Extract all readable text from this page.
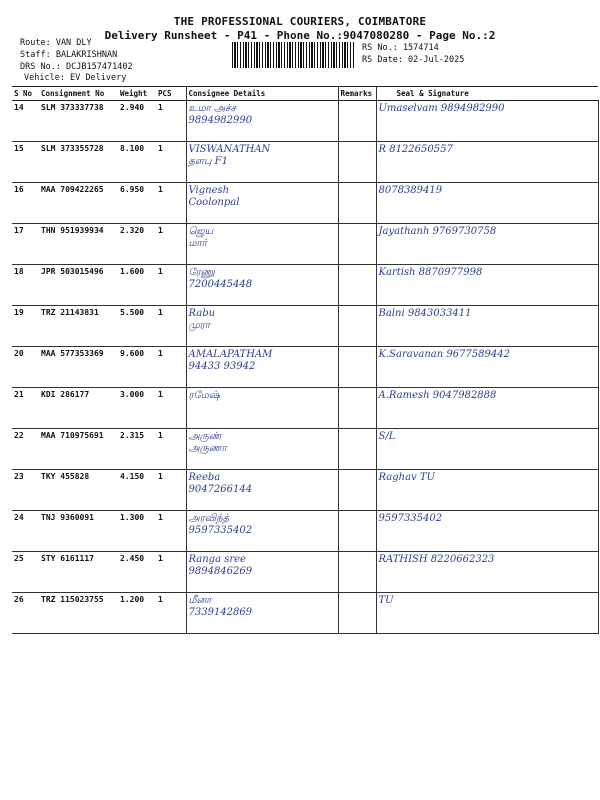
THE PROFESSIONAL COURIERS, COIMBATORE
Delivery Runsheet - P41 - Phone No.:9047080280 - Page No.:2
Route: VAN DLY
Staff: BALAKRISHNAN
DRS No.: DCJB157471402
Vehicle: EV Delivery
RS No.: 1574714
RS Date: 02-Jul-2025
S No	Consignment No	Weight	PCS	Consignee Details	Remarks	Seal & Signature
14	SLM 373337738	2.940	1	உமா அச்ச
9894982990		Umaselvam 9894982990

15	SLM 373355728	8.100	1	VISWANATHAN
தளபு F1		R 8122650557

16	MAA 709422265	6.950	1	Vignesh
Coolonpal		8078389419

17	THN 951939934	2.320	1	ஜெய
மார்		Jayathanh 9769730758

18	JPR 503015496	1.600	1	ரேணு
7200445448		Kartish 8870977998

19	TRZ 21143831	5.500	1	Rabu
முரா		Balni 9843033411

20	MAA 577353369	9.600	1	AMALAPATHAM
94433 93942		K.Saravanan 9677589442

21	KDI 286177	3.000	1	ரமேஷ்		A.Ramesh 9047982888

22	MAA 710975691	2.315	1	அருண்
அருணா		S/L

23	TKY 455828	4.150	1	Reeba
9047266144		Raghav TU

24	TNJ 9360091	1.300	1	அரவிந்த்
9597335402		9597335402

25	STY 6161117	2.450	1	Ranga sree
9894846269		RATHISH 8220662323

26	TRZ 115023755	1.200	1	மீனா
7339142869		TU
